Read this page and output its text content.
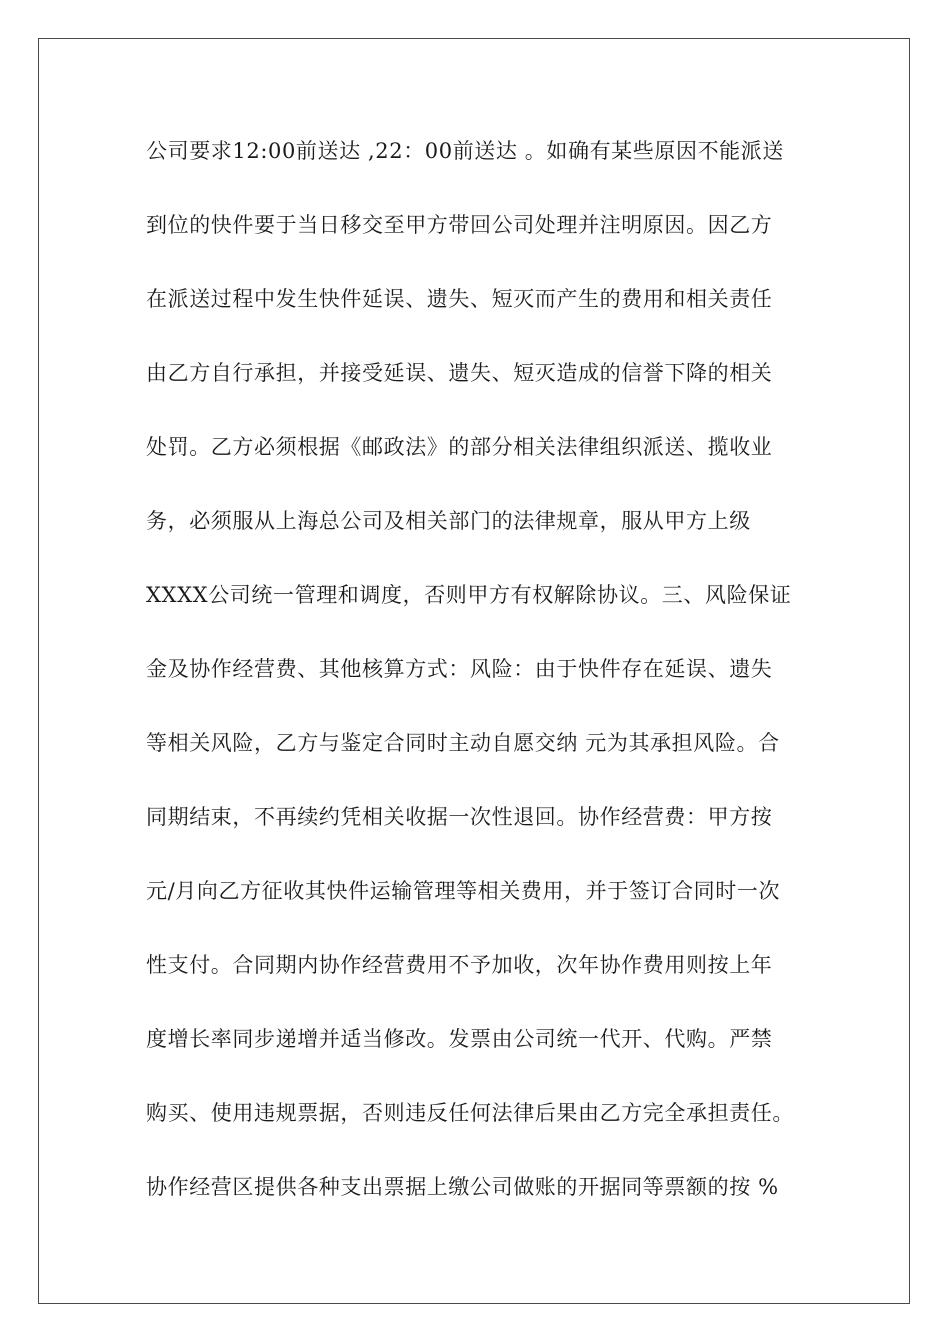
公司要求12:00前送达 ,22：00前送达 。如确有某些原因不能派送
到位的快件要于当日移交至甲方带回公司处理并注明原因。因乙方
在派送过程中发生快件延误、遗失、短灭而产生的费用和相关责任
由乙方自行承担，并接受延误、遗失、短灭造成的信誉下降的相关
处罚。乙方必须根据《邮政法》的部分相关法律组织派送、揽收业
务，必须服从上海总公司及相关部门的法律规章，服从甲方上级
XXXX公司统一管理和调度，否则甲方有权解除协议。三、风险保证
金及协作经营费、其他核算方式：风险：由于快件存在延误、遗失
等相关风险，乙方与鉴定合同时主动自愿交纳 元为其承担风险。合
同期结束，不再续约凭相关收据一次性退回。协作经营费：甲方按
元/月向乙方征收其快件运输管理等相关费用，并于签订合同时一次
性支付。合同期内协作经营费用不予加收，次年协作费用则按上年
度增长率同步递增并适当修改。发票由公司统一代开、代购。严禁
购买、使用违规票据，否则违反任何法律后果由乙方完全承担责任。
协作经营区提供各种支出票据上缴公司做账的开据同等票额的按 %
